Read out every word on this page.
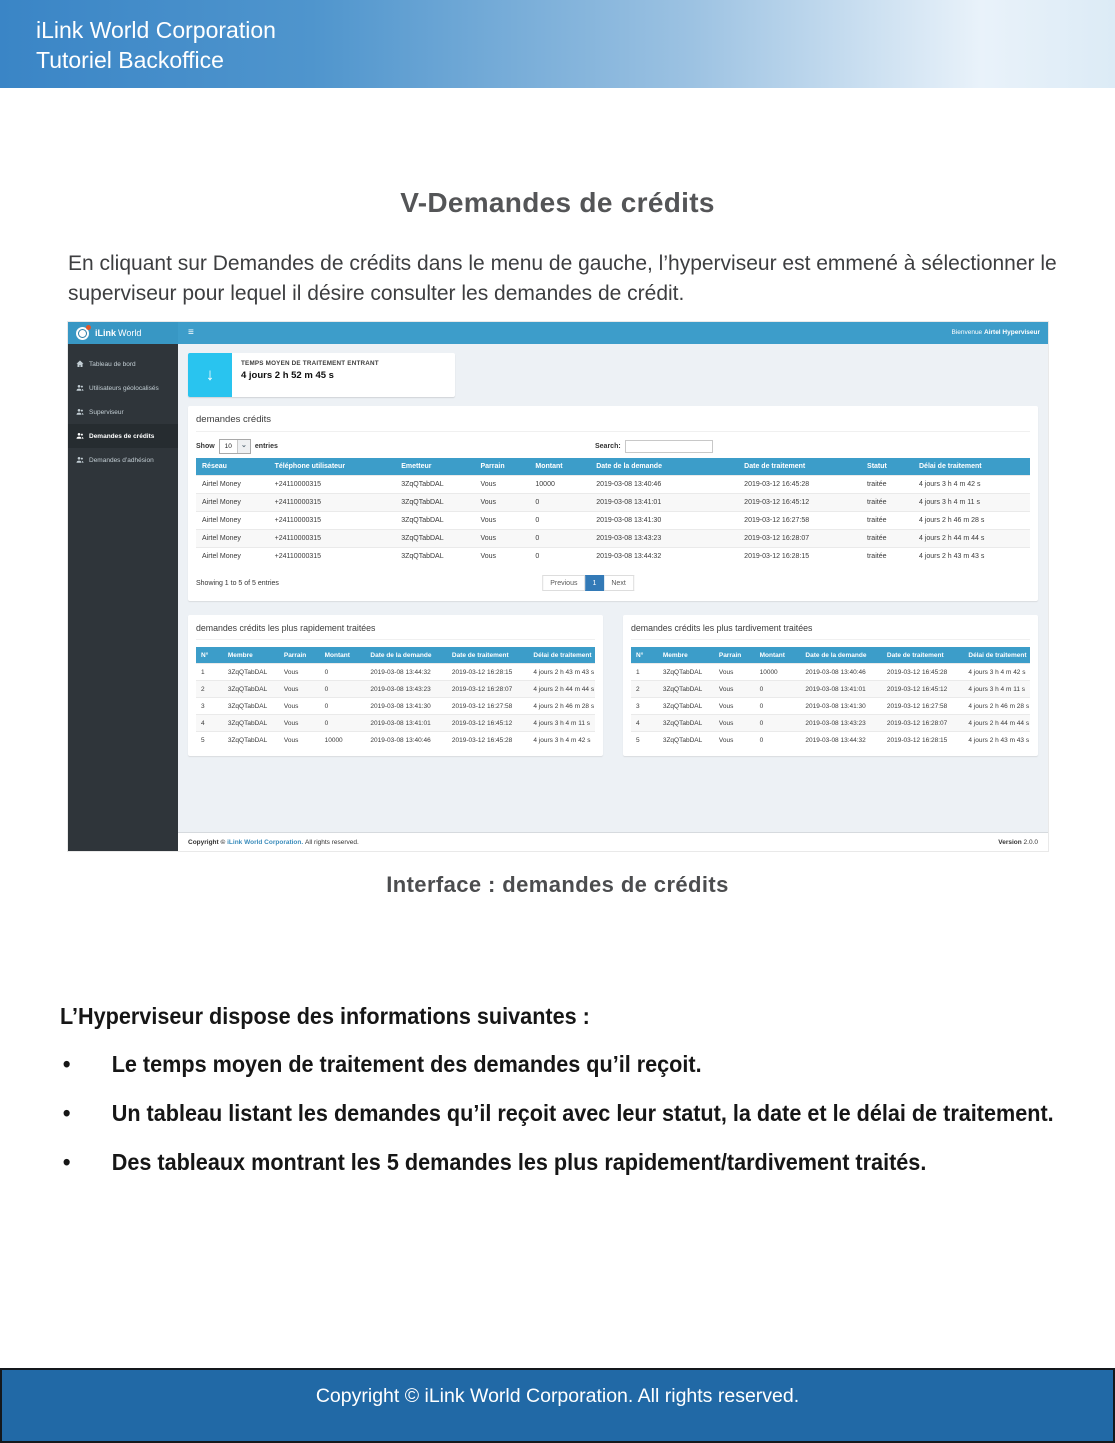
iLink World Corporation
Tutoriel Backoffice
V-Demandes de crédits

En cliquant sur Demandes de crédits dans le menu de gauche, l’hyperviseur est emmené à sélectionner le superviseur pour lequel il désire consulter les demandes de crédit.

iLink World	≡	Bienvenue Airtel Hyperviseur
Tableau de bord
Utilisateurs géolocalisés
Superviseur
Demandes de crédits
Demandes d’adhésion
↓
TEMPS MOYEN DE TRAITEMENT ENTRANT
4 jours 2 h 52 m 45 s
demandes crédits
Show	10	⌄	entries	Search:
Réseau	Téléphone utilisateur	Emetteur	Parrain	Montant	Date de la demande	Date de traitement	Statut	Délai de traitement
Airtel Money	+24110000315	3ZqQTabDAL	Vous	10000	2019-03-08 13:40:46	2019-03-12 16:45:28	traitée	4 jours 3 h 4 m 42 s
Airtel Money	+24110000315	3ZqQTabDAL	Vous	0	2019-03-08 13:41:01	2019-03-12 16:45:12	traitée	4 jours 3 h 4 m 11 s
Airtel Money	+24110000315	3ZqQTabDAL	Vous	0	2019-03-08 13:41:30	2019-03-12 16:27:58	traitée	4 jours 2 h 46 m 28 s
Airtel Money	+24110000315	3ZqQTabDAL	Vous	0	2019-03-08 13:43:23	2019-03-12 16:28:07	traitée	4 jours 2 h 44 m 44 s
Airtel Money	+24110000315	3ZqQTabDAL	Vous	0	2019-03-08 13:44:32	2019-03-12 16:28:15	traitée	4 jours 2 h 43 m 43 s
Showing 1 to 5 of 5 entries	Previous	1	Next
demandes crédits les plus rapidement traitées
N°	Membre	Parrain	Montant	Date de la demande	Date de traitement	Délai de traitement
1	3ZqQTabDAL	Vous	0	2019-03-08 13:44:32	2019-03-12 16:28:15	4 jours 2 h 43 m 43 s
2	3ZqQTabDAL	Vous	0	2019-03-08 13:43:23	2019-03-12 16:28:07	4 jours 2 h 44 m 44 s
3	3ZqQTabDAL	Vous	0	2019-03-08 13:41:30	2019-03-12 16:27:58	4 jours 2 h 46 m 28 s
4	3ZqQTabDAL	Vous	0	2019-03-08 13:41:01	2019-03-12 16:45:12	4 jours 3 h 4 m 11 s
5	3ZqQTabDAL	Vous	10000	2019-03-08 13:40:46	2019-03-12 16:45:28	4 jours 3 h 4 m 42 s
demandes crédits les plus tardivement traitées
N°	Membre	Parrain	Montant	Date de la demande	Date de traitement	Délai de traitement
1	3ZqQTabDAL	Vous	10000	2019-03-08 13:40:46	2019-03-12 16:45:28	4 jours 3 h 4 m 42 s
2	3ZqQTabDAL	Vous	0	2019-03-08 13:41:01	2019-03-12 16:45:12	4 jours 3 h 4 m 11 s
3	3ZqQTabDAL	Vous	0	2019-03-08 13:41:30	2019-03-12 16:27:58	4 jours 2 h 46 m 28 s
4	3ZqQTabDAL	Vous	0	2019-03-08 13:43:23	2019-03-12 16:28:07	4 jours 2 h 44 m 44 s
5	3ZqQTabDAL	Vous	0	2019-03-08 13:44:32	2019-03-12 16:28:15	4 jours 2 h 43 m 43 s
Copyright © iLink World Corporation. All rights reserved.	Version 2.0.0
Interface : demandes de crédits

L’Hyperviseur dispose des informations suivantes :

•	Le temps moyen de traitement des demandes qu’il reçoit.
•	Un tableau listant les demandes qu’il reçoit avec leur statut, la date et le délai de traitement.
•	Des tableaux montrant les 5 demandes les plus rapidement/tardivement traités.
Copyright © iLink World Corporation. All rights reserved.
